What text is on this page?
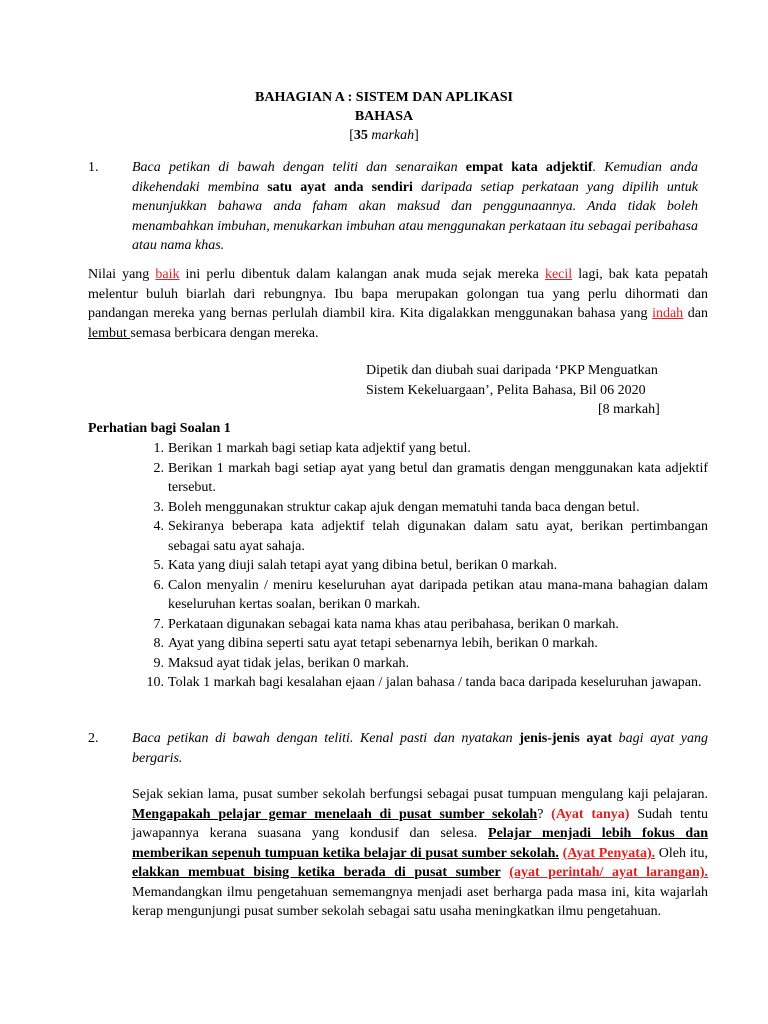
BAHAGIAN A : SISTEM DAN APLIKASI
BAHASA
[35 markah]
1. Baca petikan di bawah dengan teliti dan senaraikan empat kata adjektif. Kemudian anda dikehendaki membina satu ayat anda sendiri daripada setiap perkataan yang dipilih untuk menunjukkan bahawa anda faham akan maksud dan penggunaannya. Anda tidak boleh menambahkan imbuhan, menukarkan imbuhan atau menggunakan perkataan itu sebagai peribahasa atau nama khas.
Nilai yang baik ini perlu dibentuk dalam kalangan anak muda sejak mereka kecil lagi, bak kata pepatah melentur buluh biarlah dari rebungnya. Ibu bapa merupakan golongan tua yang perlu dihormati dan pandangan mereka yang bernas perlulah diambil kira. Kita digalakkan menggunakan bahasa yang indah dan lembut semasa berbicara dengan mereka.
Dipetik dan diubah suai daripada ‘PKP Menguatkan
Sistem Kekeluargaan’, Pelita Bahasa, Bil 06 2020
[8 markah]
Perhatian bagi Soalan 1
1. Berikan 1 markah bagi setiap kata adjektif yang betul.
2. Berikan 1 markah bagi setiap ayat yang betul dan gramatis dengan menggunakan kata adjektif tersebut.
3. Boleh menggunakan struktur cakap ajuk dengan mematuhi tanda baca dengan betul.
4. Sekiranya beberapa kata adjektif telah digunakan dalam satu ayat, berikan pertimbangan sebagai satu ayat sahaja.
5. Kata yang diuji salah tetapi ayat yang dibina betul, berikan 0 markah.
6. Calon menyalin / meniru keseluruhan ayat daripada petikan atau mana-mana bahagian dalam keseluruhan kertas soalan, berikan 0 markah.
7. Perkataan digunakan sebagai kata nama khas atau peribahasa, berikan 0 markah.
8. Ayat yang dibina seperti satu ayat tetapi sebenarnya lebih, berikan 0 markah.
9. Maksud ayat tidak jelas, berikan 0 markah.
10. Tolak 1 markah bagi kesalahan ejaan / jalan bahasa / tanda baca daripada keseluruhan jawapan.
2. Baca petikan di bawah dengan teliti. Kenal pasti dan nyatakan jenis-jenis ayat bagi ayat yang bergaris.
Sejak sekian lama, pusat sumber sekolah berfungsi sebagai pusat tumpuan mengulang kaji pelajaran. Mengapakah pelajar gemar menelaah di pusat sumber sekolah? (Ayat tanya) Sudah tentu jawapannya kerana suasana yang kondusif dan selesa. Pelajar menjadi lebih fokus dan memberikan sepenuh tumpuan ketika belajar di pusat sumber sekolah. (Ayat Penyata). Oleh itu, elakkan membuat bising ketika berada di pusat sumber (ayat perintah/ ayat larangan). Memandangkan ilmu pengetahuan sememangnya menjadi aset berharga pada masa ini, kita wajarlah kerap mengunjungi pusat sumber sekolah sebagai satu usaha meningkatkan ilmu pengetahuan.
